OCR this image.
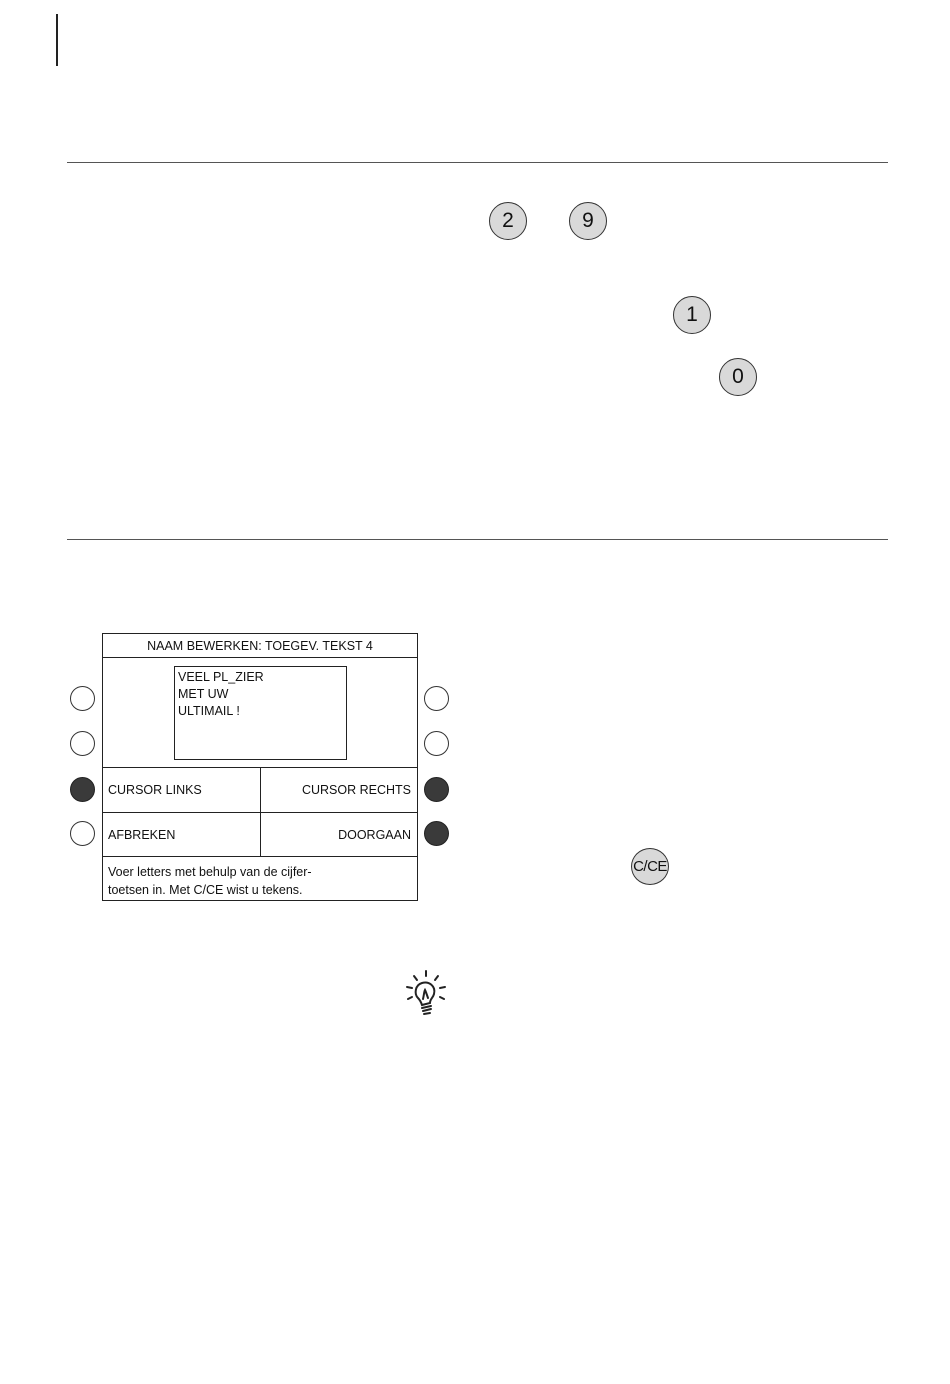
2	9
1
0
C/CE
NAAM BEWERKEN: TOEGEV. TEKST 4
VEEL PL_ZIER
MET UW
ULTIMAIL !
CURSOR LINKS	CURSOR RECHTS
AFBREKEN	DOORGAAN
Voer letters met behulp van de cijfer-
toetsen in. Met C/CE wist u tekens.
